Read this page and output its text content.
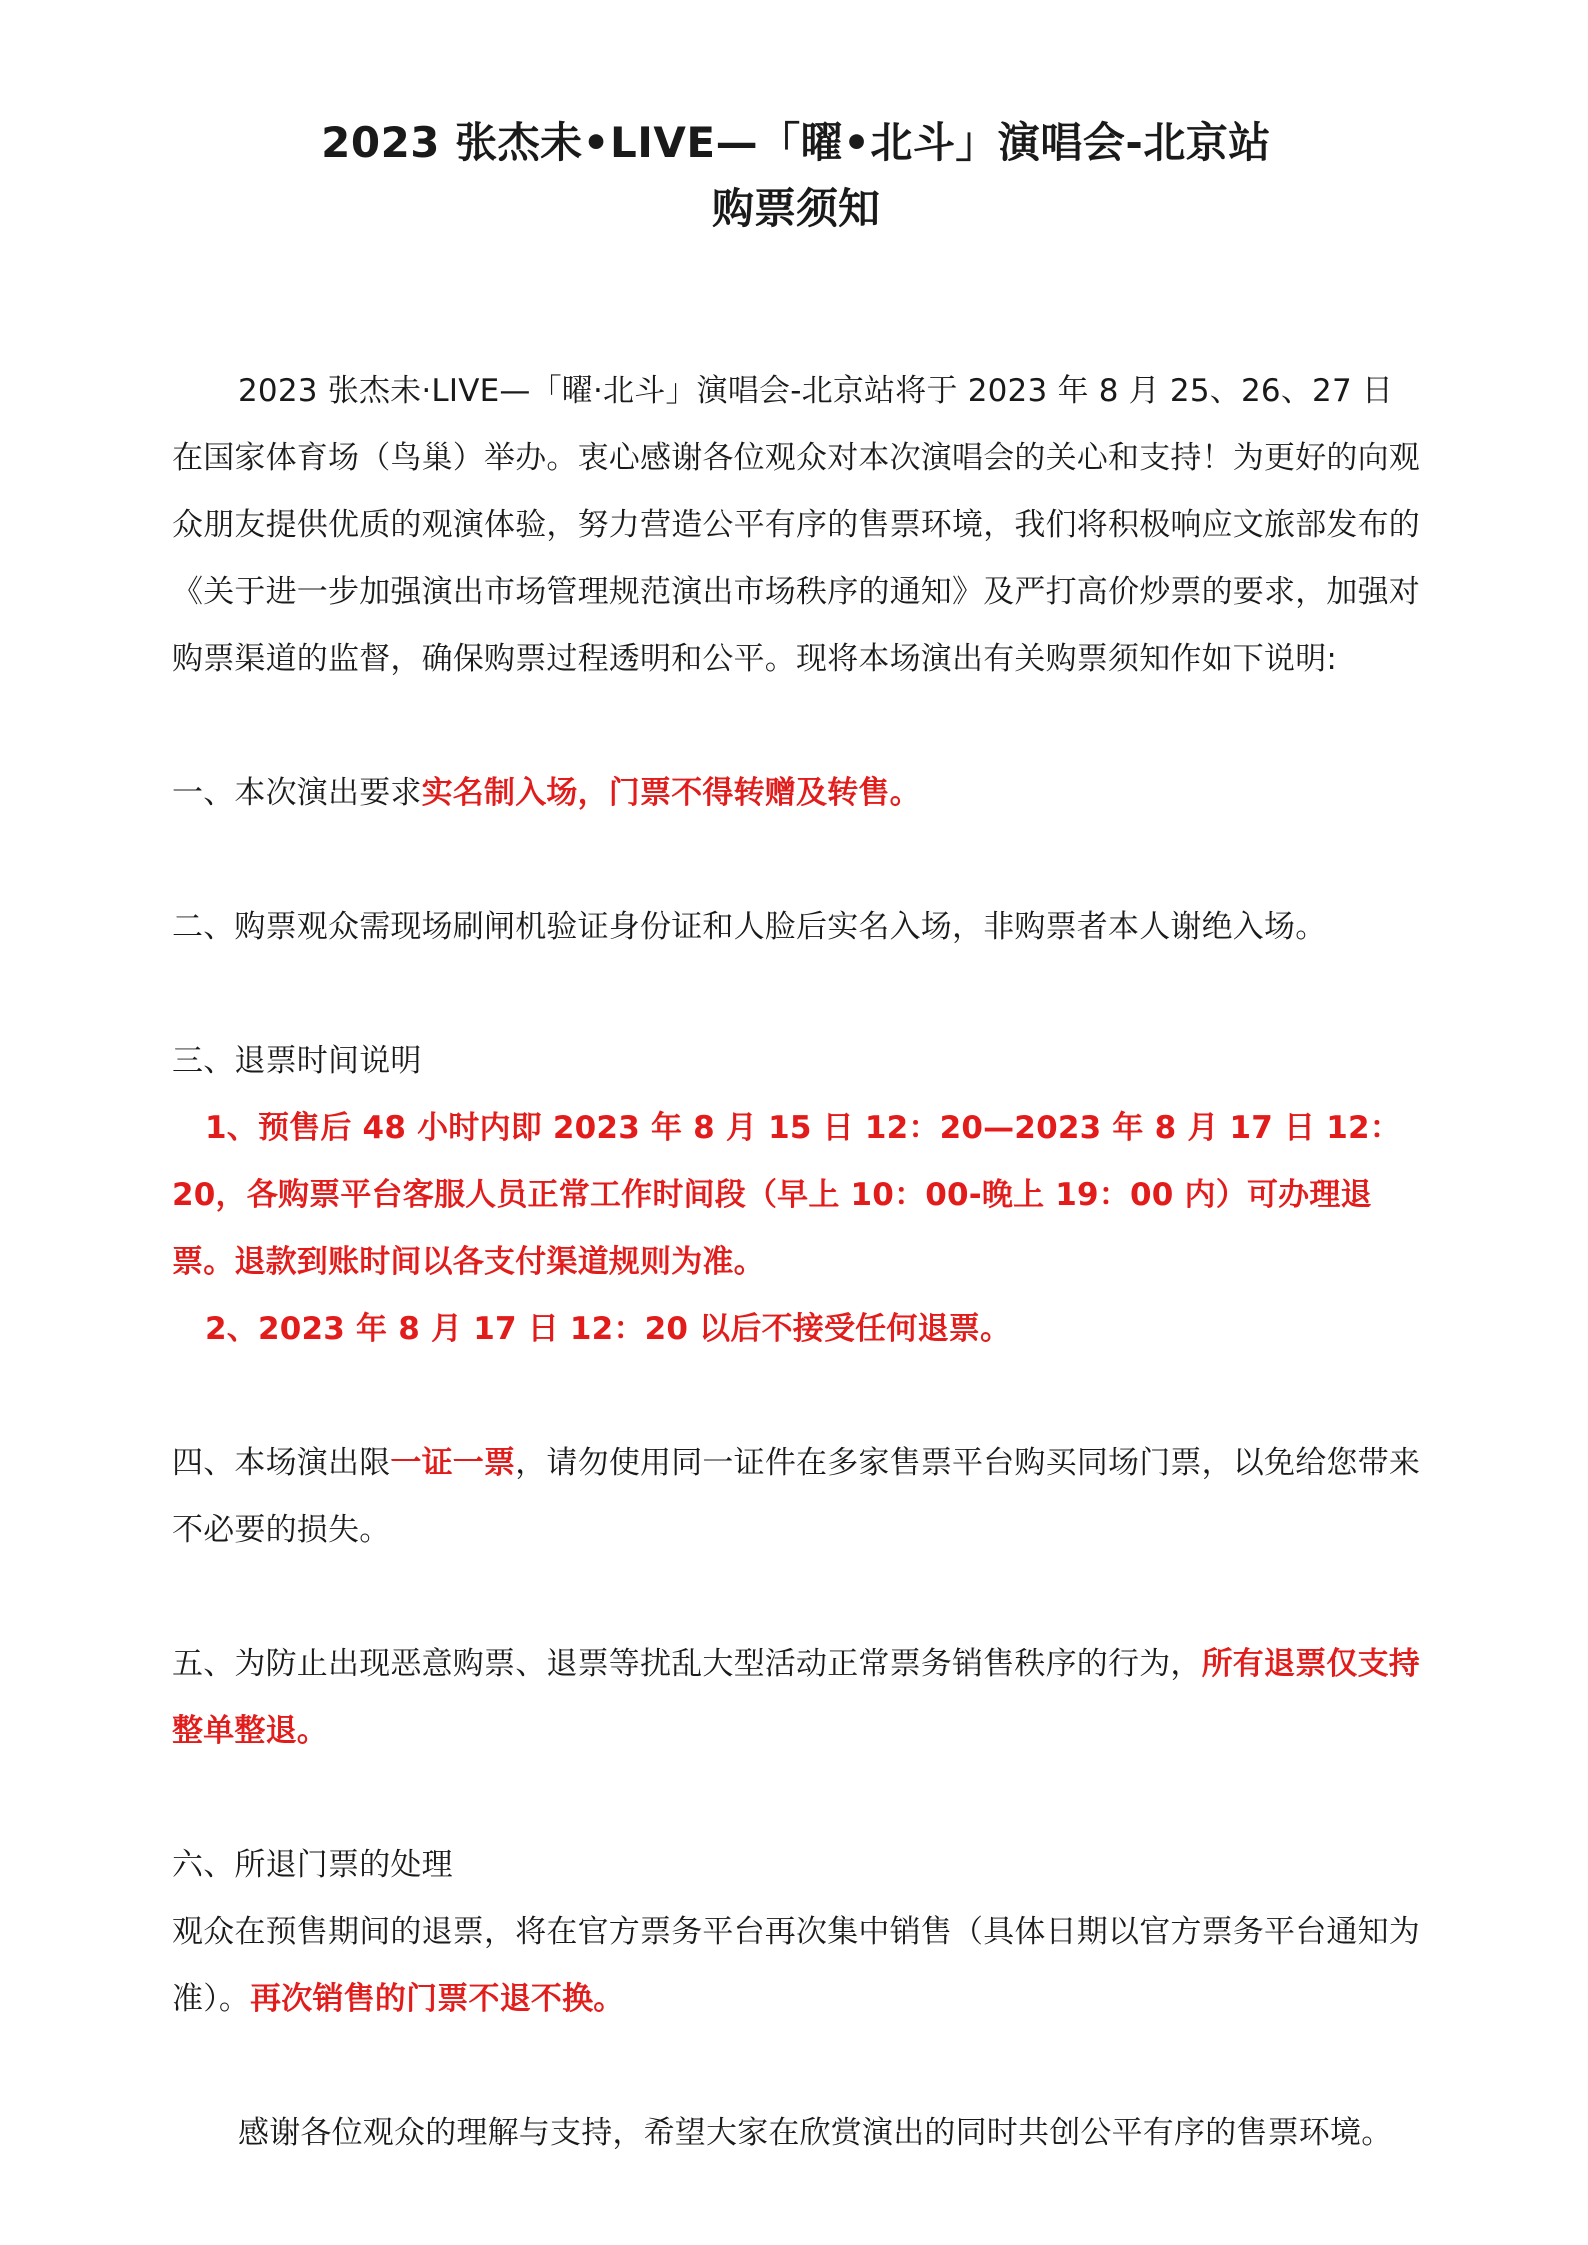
2023 张杰未•LIVE—「曜•北斗」演唱会-北京站
购票须知

2023 张杰未·LIVE—「曜·北斗」演唱会-北京站将于 2023 年 8 月 25、26、27 日在国家体育场（鸟巢）举办。衷心感谢各位观众对本次演唱会的关心和支持！为更好的向观众朋友提供优质的观演体验，努力营造公平有序的售票环境，我们将积极响应文旅部发布的《关于进一步加强演出市场管理规范演出市场秩序的通知》及严打高价炒票的要求，加强对购票渠道的监督，确保购票过程透明和公平。现将本场演出有关购票须知作如下说明:

一、本次演出要求实名制入场，门票不得转赠及转售。

二、购票观众需现场刷闸机验证身份证和人脸后实名入场，非购票者本人谢绝入场。

三、退票时间说明

1、预售后 48 小时内即 2023 年 8 月 15 日 12：20—2023 年 8 月 17 日 12：20，各购票平台客服人员正常工作时间段（早上 10：00-晚上 19：00 内）可办理退票。退款到账时间以各支付渠道规则为准。

2、2023 年 8 月 17 日 12：20 以后不接受任何退票。

四、本场演出限一证一票，请勿使用同一证件在多家售票平台购买同场门票，以免给您带来不必要的损失。

五、为防止出现恶意购票、退票等扰乱大型活动正常票务销售秩序的行为，所有退票仅支持整单整退。

六、所退门票的处理

观众在预售期间的退票，将在官方票务平台再次集中销售（具体日期以官方票务平台通知为准）。再次销售的门票不退不换。

感谢各位观众的理解与支持，希望大家在欣赏演出的同时共创公平有序的售票环境。
